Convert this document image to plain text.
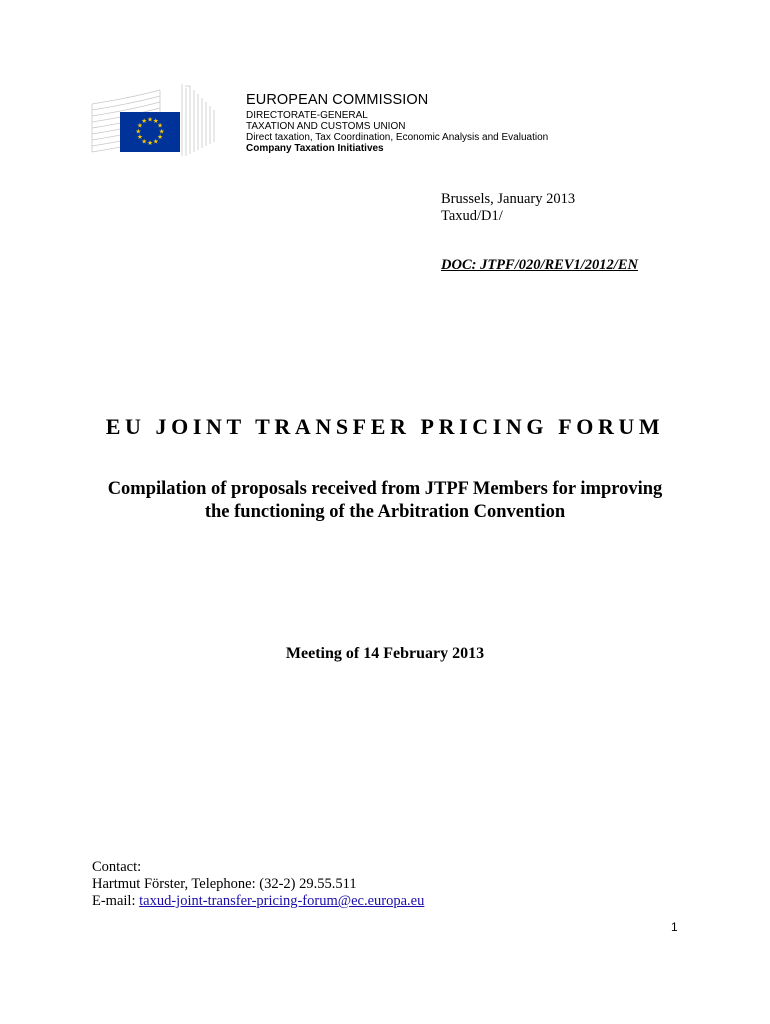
★ ★
★
★
★
★
★
★
★
★
★
★
EUROPEAN COMMISSION
DIRECTORATE-GENERAL
TAXATION AND CUSTOMS UNION
Direct taxation, Tax Coordination, Economic Analysis and Evaluation
Company Taxation Initiatives
Brussels, January 2013
Taxud/D1/
DOC: JTPF/020/REV1/2012/EN
EU JOINT TRANSFER PRICING FORUM
Compilation of proposals received from JTPF Members for improving the functioning of the Arbitration Convention
Meeting of 14 February 2013
Contact:
Hartmut Förster, Telephone: (32-2) 29.55.511
E-mail: taxud-joint-transfer-pricing-forum@ec.europa.eu
1
